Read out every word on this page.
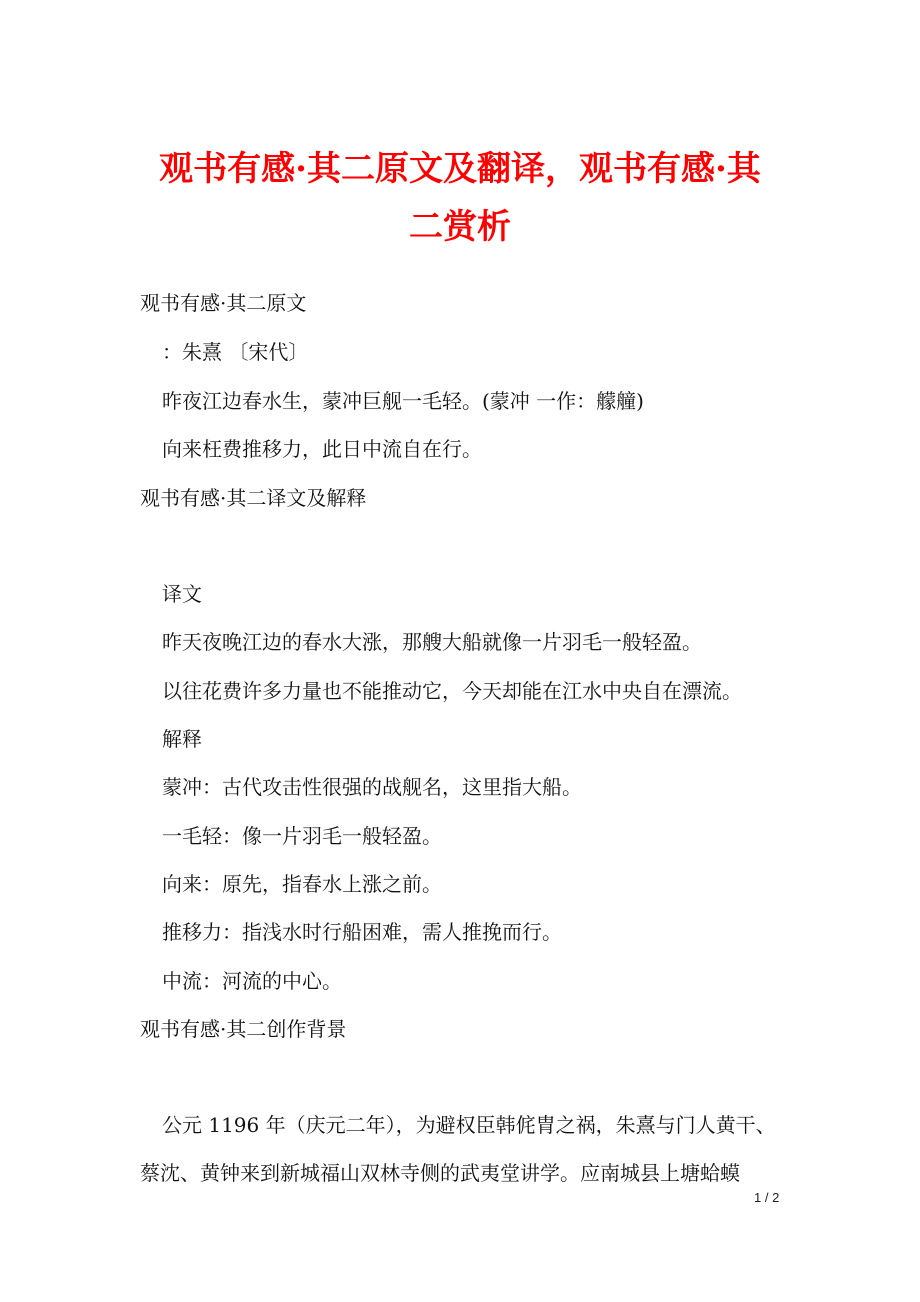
观书有感·其二原文及翻译，观书有感·其
二赏析
观书有感·其二原文
：朱熹 〔宋代〕
昨夜江边春水生，蒙冲巨舰一毛轻。(蒙冲 一作：艨艟)
向来枉费推移力，此日中流自在行。
观书有感·其二译文及解释
译文
昨天夜晚江边的春水大涨，那艘大船就像一片羽毛一般轻盈。
以往花费许多力量也不能推动它，今天却能在江水中央自在漂流。
解释
蒙冲：古代攻击性很强的战舰名，这里指大船。
一毛轻：像一片羽毛一般轻盈。
向来：原先，指春水上涨之前。
推移力：指浅水时行船困难，需人推挽而行。
中流：河流的中心。
观书有感·其二创作背景
公元 1196 年（庆元二年），为避权臣韩侂胄之祸，朱熹与门人黄干、
蔡沈、黄钟来到新城福山双林寺侧的武夷堂讲学。应南城县上塘蛤蟆
1 / 2
